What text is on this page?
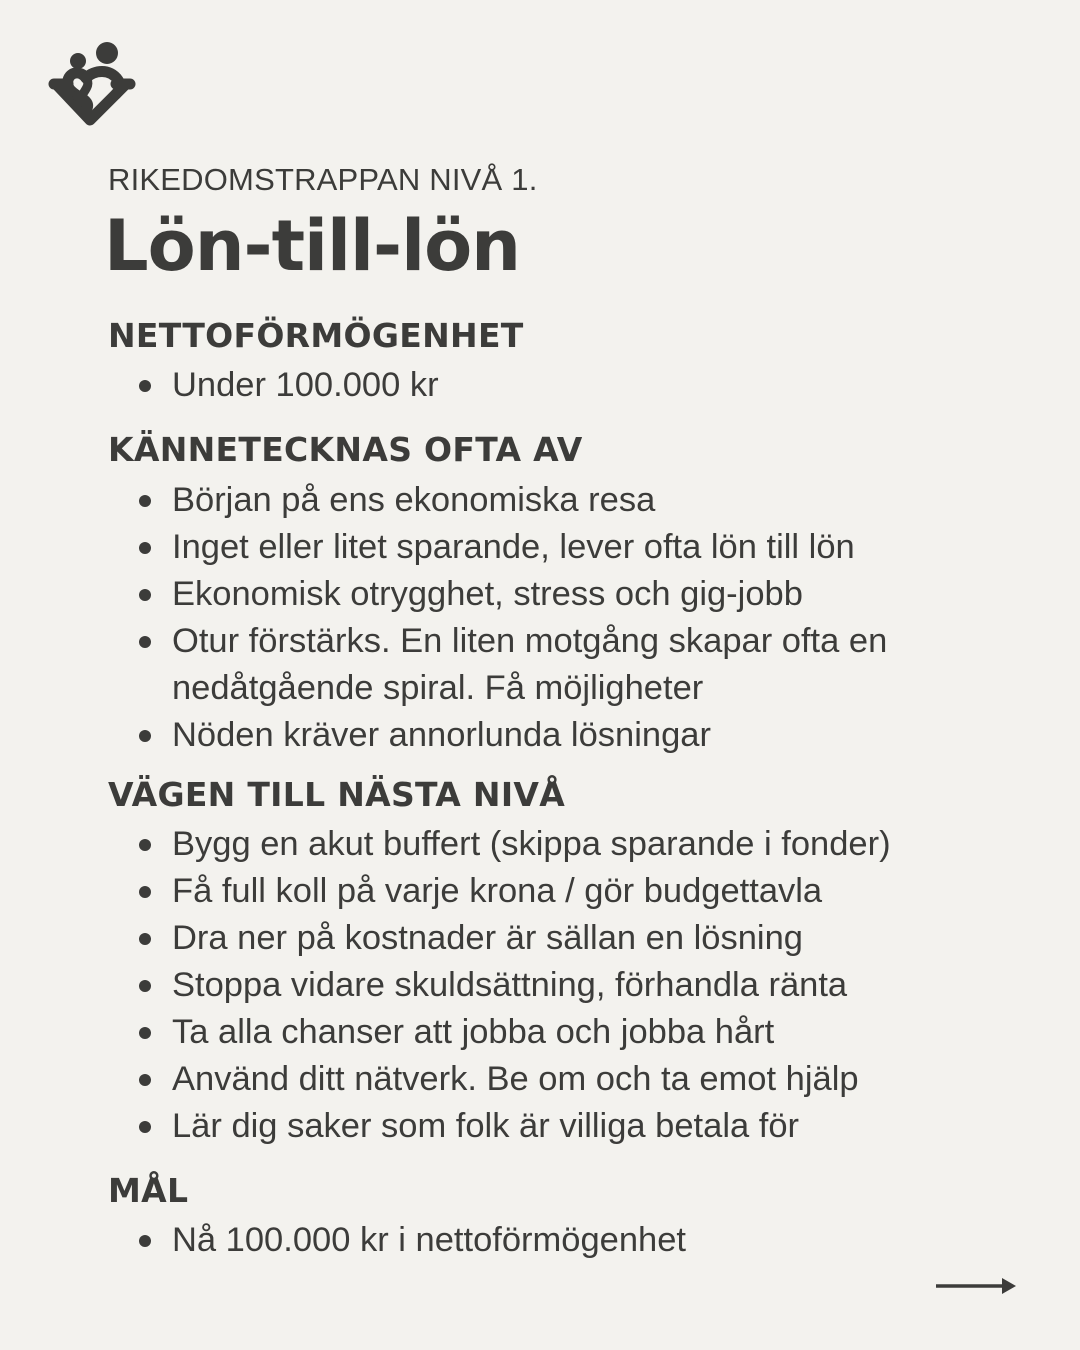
RIKEDOMSTRAPPAN NIVÅ 1.
Lön-till-lön
NETTOFÖRMÖGENHET
Under 100.000 kr
KÄNNETECKNAS OFTA AV
Början på ens ekonomiska resa
Inget eller litet sparande, lever ofta lön till lön
Ekonomisk otrygghet, stress och gig-jobb
Otur förstärks. En liten motgång skapar ofta en nedåtgående spiral. Få möjligheter
Nöden kräver annorlunda lösningar
VÄGEN TILL NÄSTA NIVÅ
Bygg en akut buffert (skippa sparande i fonder)
Få full koll på varje krona / gör budgettavla
Dra ner på kostnader är sällan en lösning
Stoppa vidare skuldsättning, förhandla ränta
Ta alla chanser att jobba och jobba hårt
Använd ditt nätverk. Be om och ta emot hjälp
Lär dig saker som folk är villiga betala för
MÅL
Nå 100.000 kr i nettoförmögenhet
